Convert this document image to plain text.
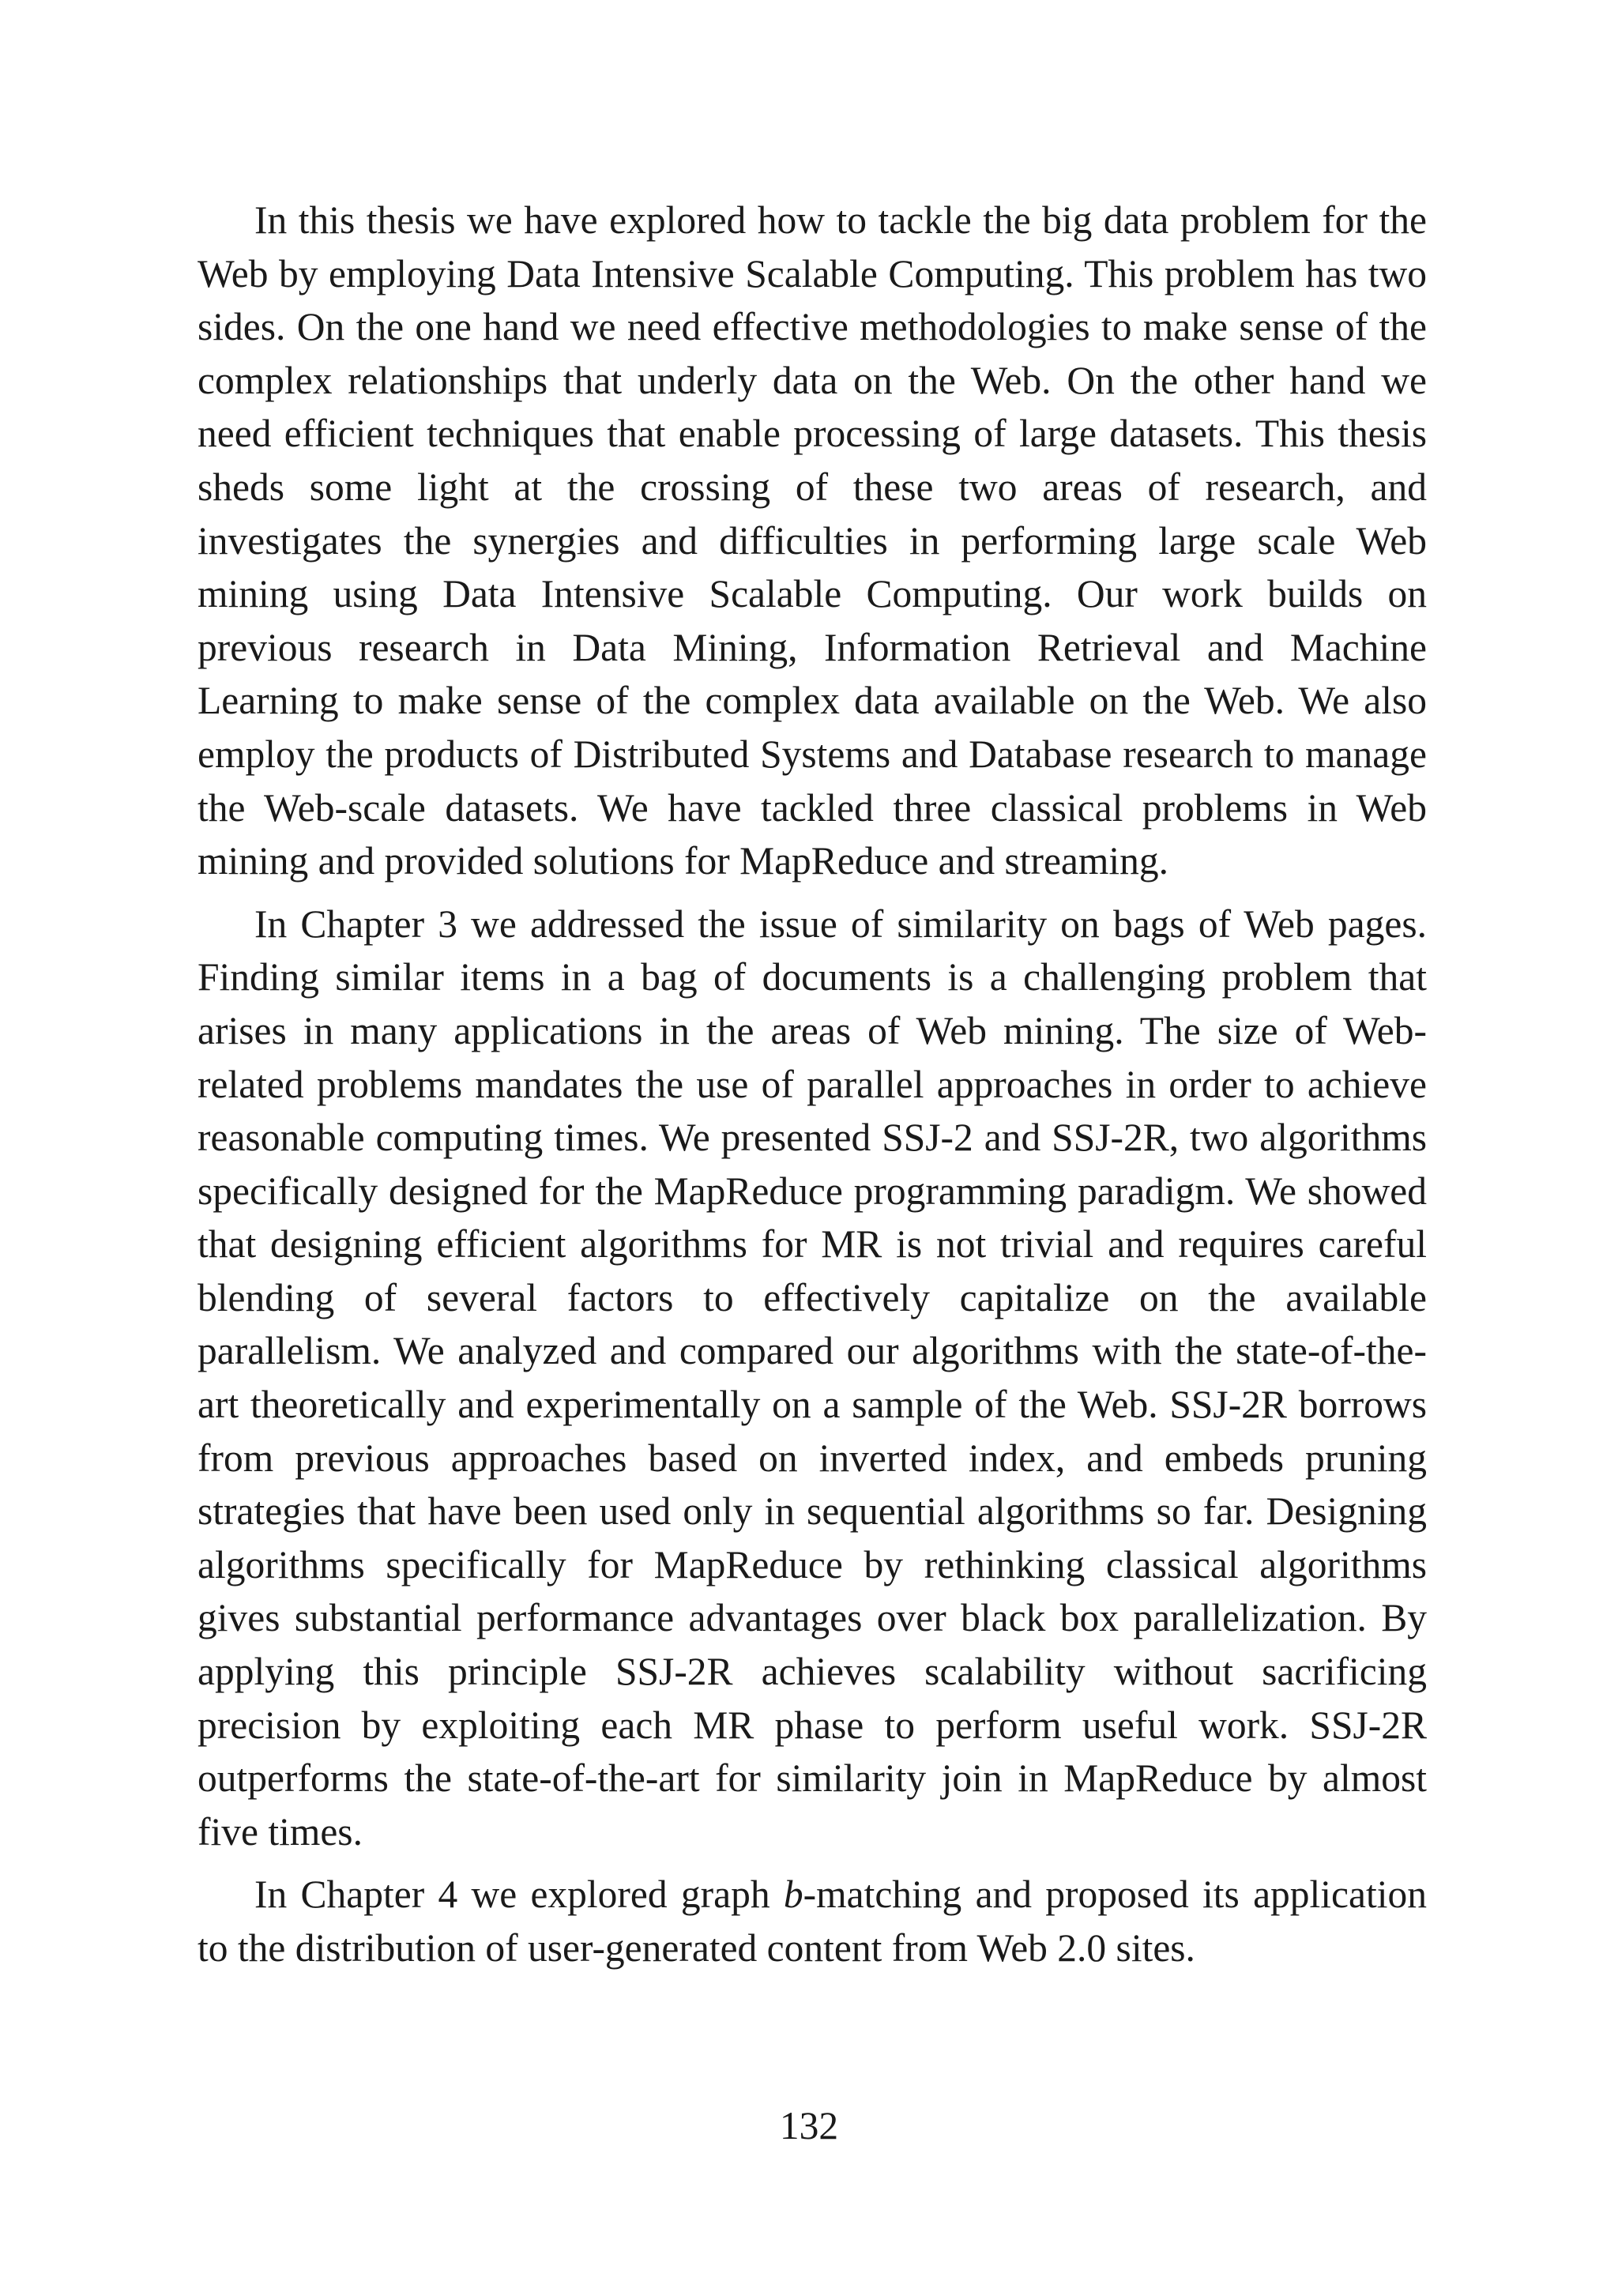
In this thesis we have explored how to tackle the big data problem for the Web by employing Data Intensive Scalable Computing. This problem has two sides. On the one hand we need effective methodologies to make sense of the complex relationships that underly data on the Web. On the other hand we need efficient techniques that enable processing of large datasets. This thesis sheds some light at the crossing of these two areas of research, and investigates the synergies and difficulties in performing large scale Web mining using Data Intensive Scalable Computing. Our work builds on previous research in Data Mining, Information Retrieval and Machine Learning to make sense of the complex data available on the Web. We also employ the products of Distributed Systems and Database research to manage the Web-scale datasets. We have tackled three classical problems in Web mining and provided solutions for MapReduce and streaming.

In Chapter 3 we addressed the issue of similarity on bags of Web pages. Finding similar items in a bag of documents is a challenging problem that arises in many applications in the areas of Web mining. The size of Web-related problems mandates the use of parallel approaches in order to achieve reasonable computing times. We presented SSJ-2 and SSJ-2R, two algorithms specifically designed for the MapReduce programming paradigm. We showed that designing efficient algorithms for MR is not trivial and requires careful blending of several factors to effectively capitalize on the available parallelism. We analyzed and compared our algorithms with the state-of-the-art theoretically and experimentally on a sample of the Web. SSJ-2R borrows from previous approaches based on inverted index, and embeds pruning strategies that have been used only in sequential algorithms so far. Designing algorithms specifically for MapReduce by rethinking classical algorithms gives substantial performance advantages over black box parallelization. By applying this principle SSJ-2R achieves scalability without sacrificing precision by exploiting each MR phase to perform useful work. SSJ-2R outperforms the state-of-the-art for similarity join in MapReduce by almost five times.

In Chapter 4 we explored graph b-matching and proposed its application to the distribution of user-generated content from Web 2.0 sites.

132
